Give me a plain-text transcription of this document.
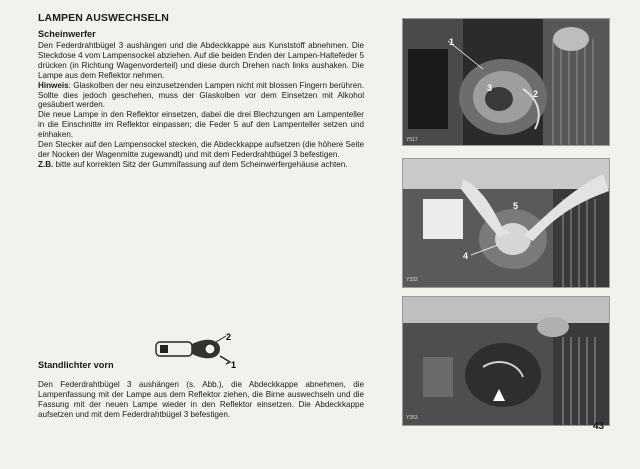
LAMPEN AUSWECHSELN
Scheinwerfer

Den Federdrahtbügel 3 aushängen und die Abdeckkappe aus Kunststoff abnehmen. Die Steckdose 4 vom Lampensockel abziehen. Auf die beiden Enden der Lampen-Haltefeder 5 drücken (in Richtung Wagenvorderteil) und diese durch Drehen nach links aushaken. Die Lampe aus dem Reflektor nehmen.

Hinweis: Glaskolben der neu einzusetzenden Lampen nicht mit blossen Fingern berühren. Sollte dies jedoch geschehen, muss der Glaskolben vor dem Einsetzen mit Alkohol gesäubert werden.

Die neue Lampe in den Reflektor einsetzen, dabei die drei Blechzungen am Lampenteller in die Einschnitte im Reflektor einpassen; die Feder 5 auf den Lampenteller setzen und einhaken.

Den Stecker auf den Lampensockel stecken, die Abdeckkappe aufsetzen (die höhere Seite der Nocken der Wagenmitte zugewandt) und mit dem Federdrahtbügel 3 befestigen.

Z.B. bitte auf korrekten Sitz der Gummifassung auf dem Scheinwerfergehäuse achten.

2
1
Standlichter vorn

Den Federdrahtbügel 3 aushängen (s. Abb.), die Abdeckkappe abnehmen, die Lampenfassung mit der Lampe aus dem Reflektor ziehen, die Birne auswechseln und die Fassung mit der neuen Lampe wieder in den Reflektor einsetzen. Die Abdeckkappe aufsetzen und mit dem Federdrahtbügel 3 befestigen.

1
3
2
Y517
5
4
Y332
Y353
43
